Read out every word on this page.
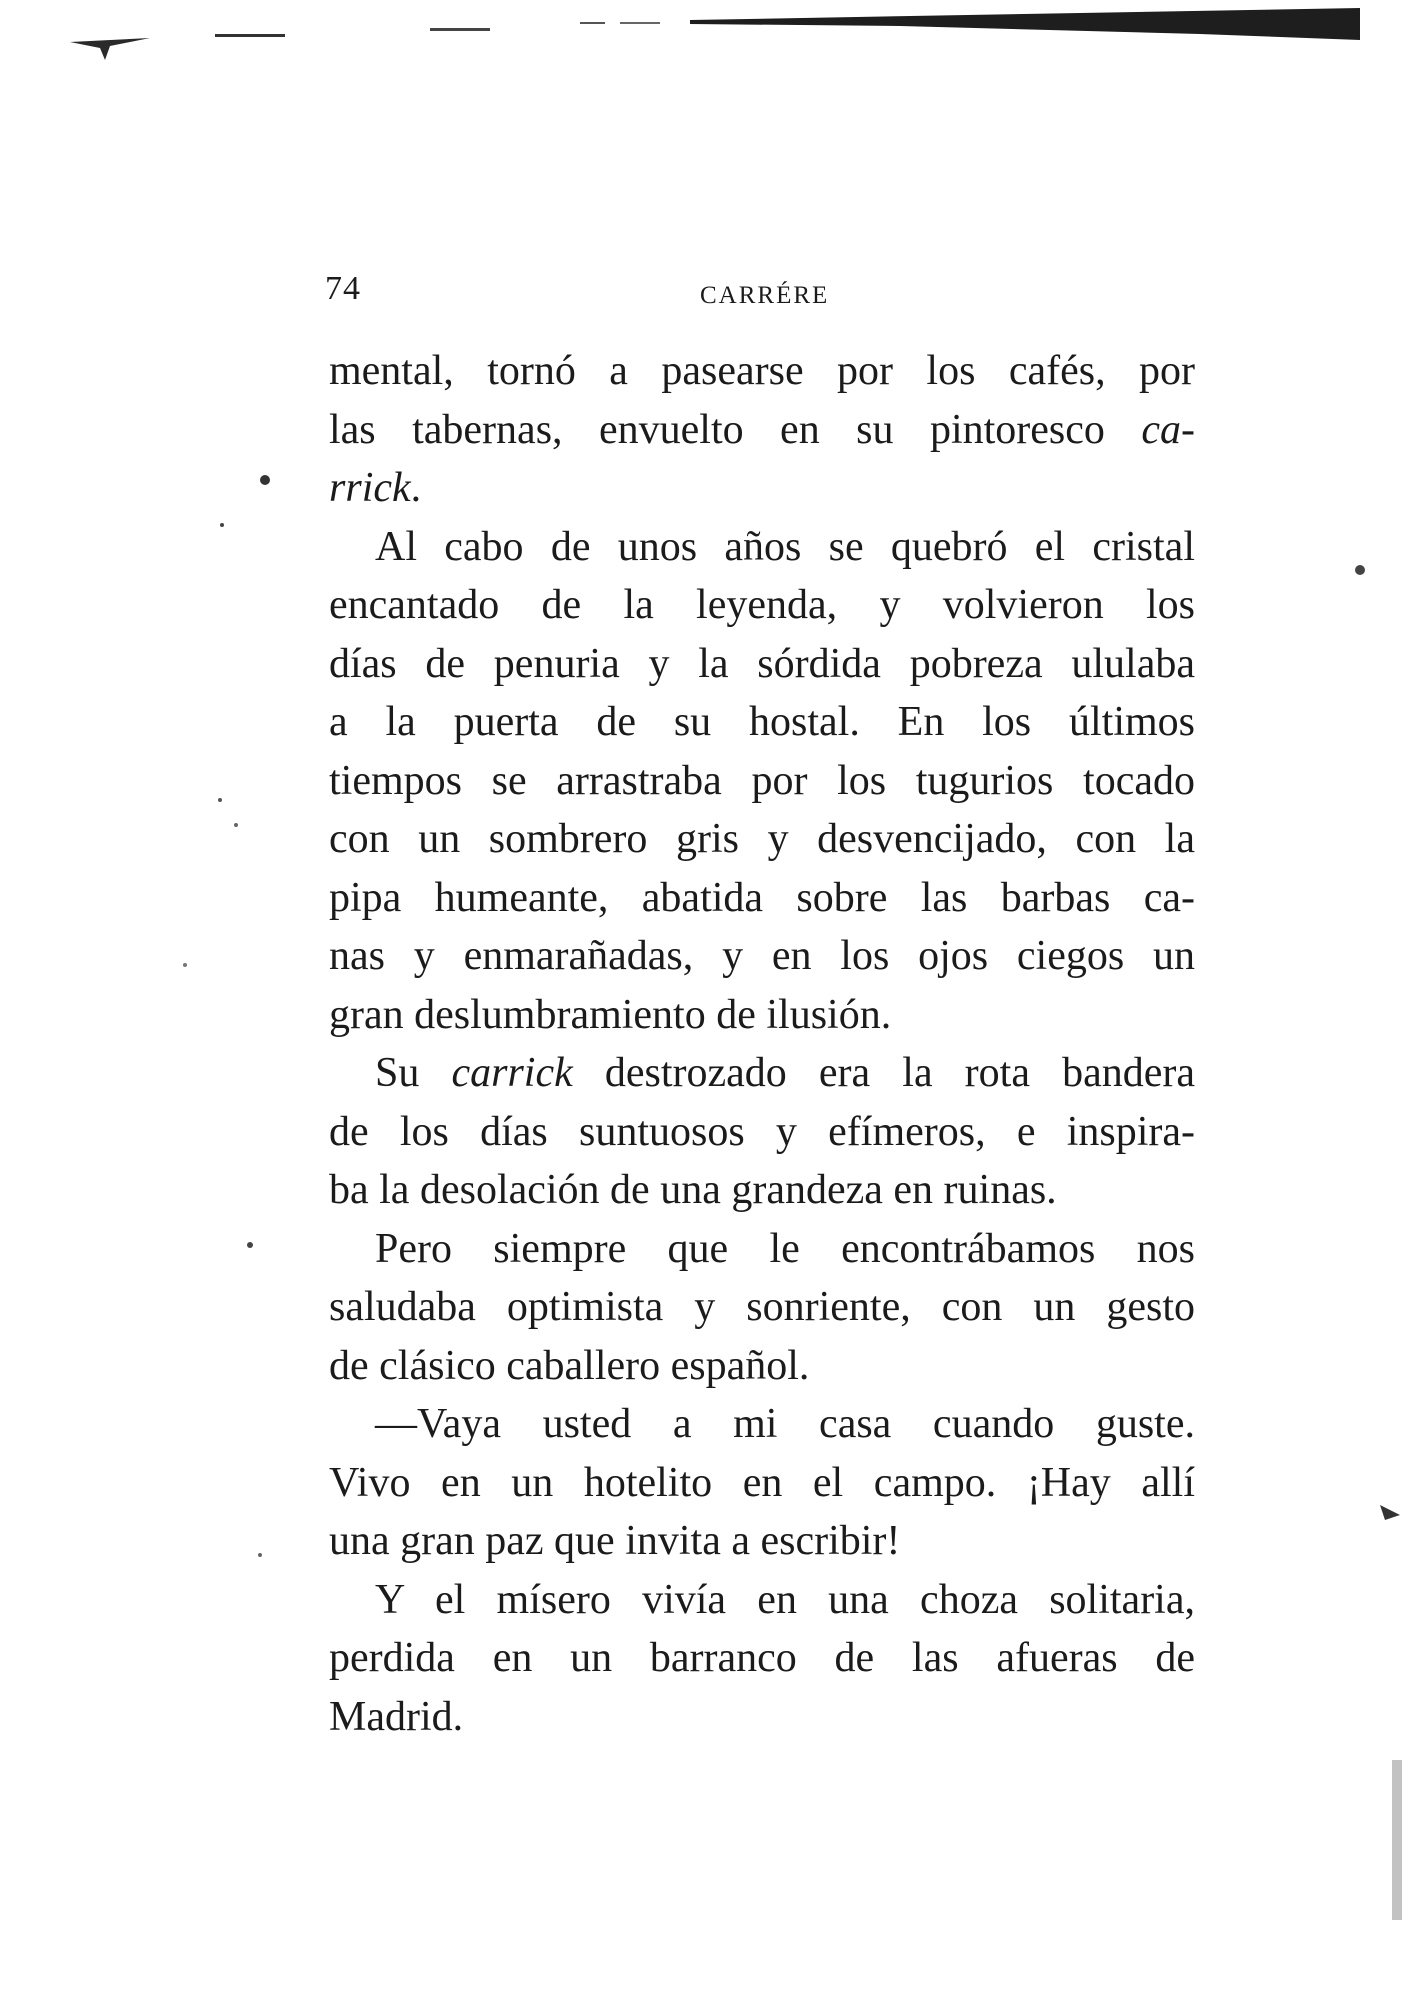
74	CARRÉRE
mental, tornó a pasearse por los cafés, por
las tabernas, envuelto en su pintoresco ca-
rrick.
Al cabo de unos años se quebró el cristal
encantado de la leyenda, y volvieron los
días de penuria y la sórdida pobreza ululaba
a la puerta de su hostal. En los últimos
tiempos se arrastraba por los tugurios tocado
con un sombrero gris y desvencijado, con la
pipa humeante, abatida sobre las barbas ca-
nas y enmarañadas, y en los ojos ciegos un
gran deslumbramiento de ilusión.
Su carrick destrozado era la rota bandera
de los días suntuosos y efímeros, e inspira-
ba la desolación de una grandeza en ruinas.
Pero siempre que le encontrábamos nos
saludaba optimista y sonriente, con un gesto
de clásico caballero español.
—Vaya usted a mi casa cuando guste.
Vivo en un hotelito en el campo. ¡Hay allí
una gran paz que invita a escribir!
Y el mísero vivía en una choza solitaria,
perdida en un barranco de las afueras de
Madrid.
